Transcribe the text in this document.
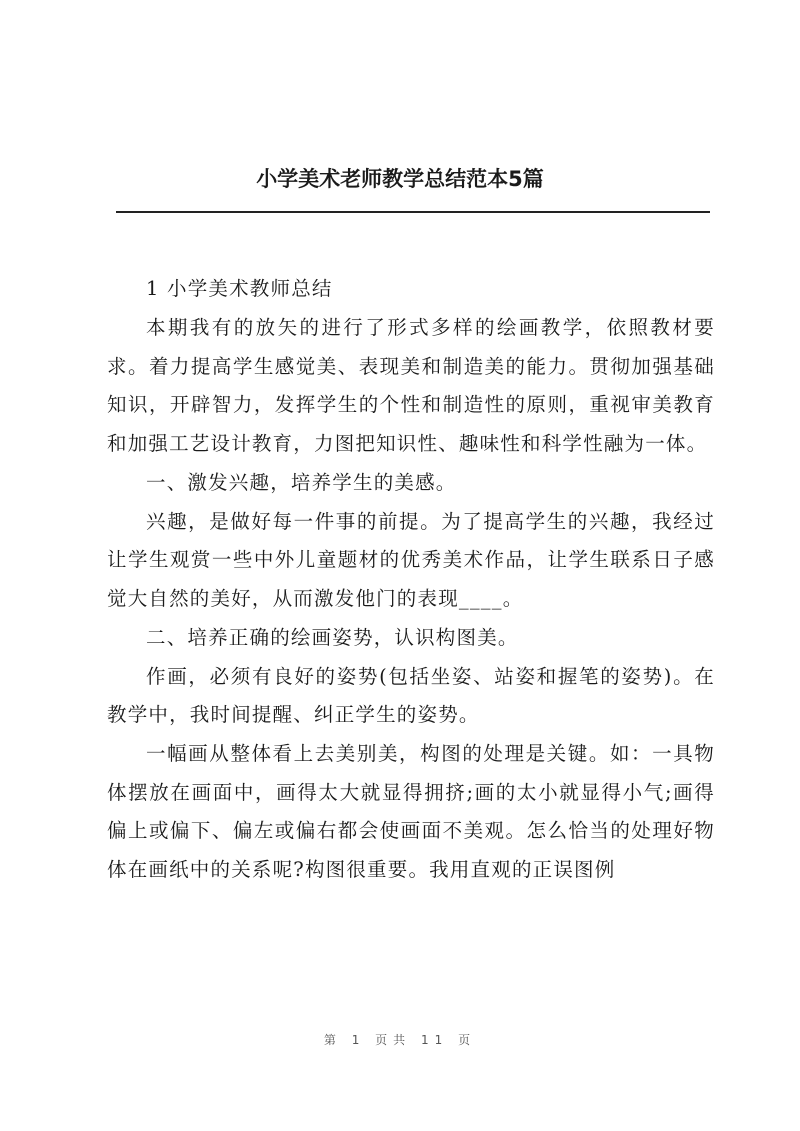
小学美术老师教学总结范本5篇

1 小学美术教师总结

本期我有的放矢的进行了形式多样的绘画教学，依照教材要求。着力提高学生感觉美、表现美和制造美的能力。贯彻加强基础知识，开辟智力，发挥学生的个性和制造性的原则，重视审美教育和加强工艺设计教育，力图把知识性、趣味性和科学性融为一体。

一、激发兴趣，培养学生的美感。

兴趣，是做好每一件事的前提。为了提高学生的兴趣，我经过让学生观赏一些中外儿童题材的优秀美术作品，让学生联系日子感觉大自然的美好，从而激发他门的表现____。

二、培养正确的绘画姿势，认识构图美。

作画，必须有良好的姿势(包括坐姿、站姿和握笔的姿势)。在教学中，我时间提醒、纠正学生的姿势。

一幅画从整体看上去美别美，构图的处理是关键。如：一具物体摆放在画面中，画得太大就显得拥挤;画的太小就显得小气;画得偏上或偏下、偏左或偏右都会使画面不美观。怎么恰当的处理好物体在画纸中的关系呢?构图很重要。我用直观的正误图例

第 1 页共 11 页
